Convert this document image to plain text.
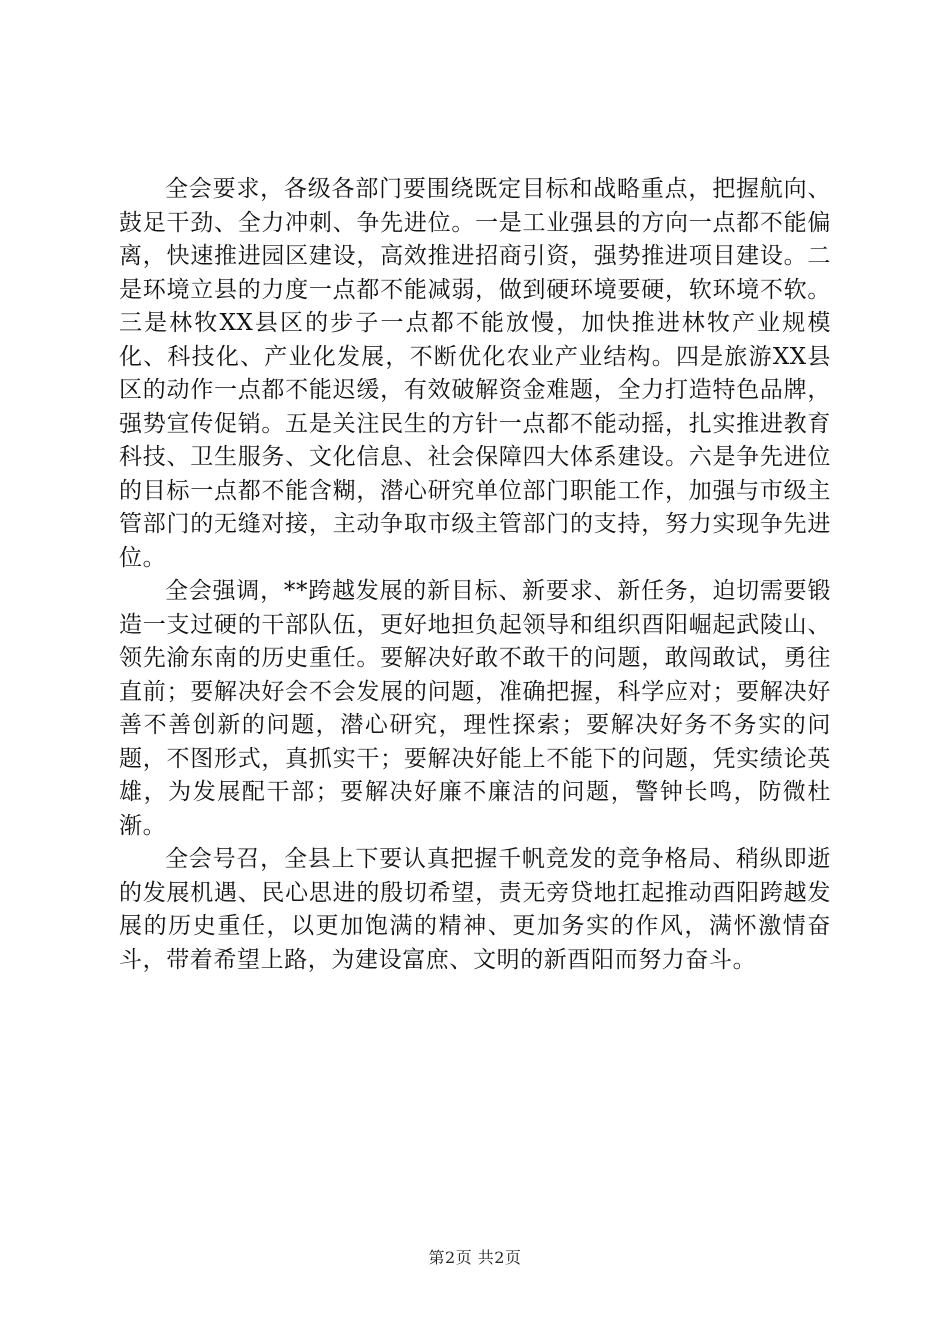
全会要求，各级各部门要围绕既定目标和战略重点，把握航向、鼓足干劲、全力冲刺、争先进位。一是工业强县的方向一点都不能偏离，快速推进园区建设，高效推进招商引资，强势推进项目建设。二是环境立县的力度一点都不能减弱，做到硬环境要硬，软环境不软。三是林牧XX县区的步子一点都不能放慢，加快推进林牧产业规模化、科技化、产业化发展，不断优化农业产业结构。四是旅游XX县区的动作一点都不能迟缓，有效破解资金难题，全力打造特色品牌，强势宣传促销。五是关注民生的方针一点都不能动摇，扎实推进教育科技、卫生服务、文化信息、社会保障四大体系建设。六是争先进位的目标一点都不能含糊，潜心研究单位部门职能工作，加强与市级主管部门的无缝对接，主动争取市级主管部门的支持，努力实现争先进位。

全会强调，**跨越发展的新目标、新要求、新任务，迫切需要锻造一支过硬的干部队伍，更好地担负起领导和组织酉阳崛起武陵山、领先渝东南的历史重任。要解决好敢不敢干的问题，敢闯敢试，勇往直前；要解决好会不会发展的问题，准确把握，科学应对；要解决好善不善创新的问题，潜心研究，理性探索；要解决好务不务实的问题，不图形式，真抓实干；要解决好能上不能下的问题，凭实绩论英雄，为发展配干部；要解决好廉不廉洁的问题，警钟长鸣，防微杜渐。

全会号召，全县上下要认真把握千帆竞发的竞争格局、稍纵即逝的发展机遇、民心思进的殷切希望，责无旁贷地扛起推动酉阳跨越发展的历史重任，以更加饱满的精神、更加务实的作风，满怀激情奋斗，带着希望上路，为建设富庶、文明的新酉阳而努力奋斗。

第2页 共2页
